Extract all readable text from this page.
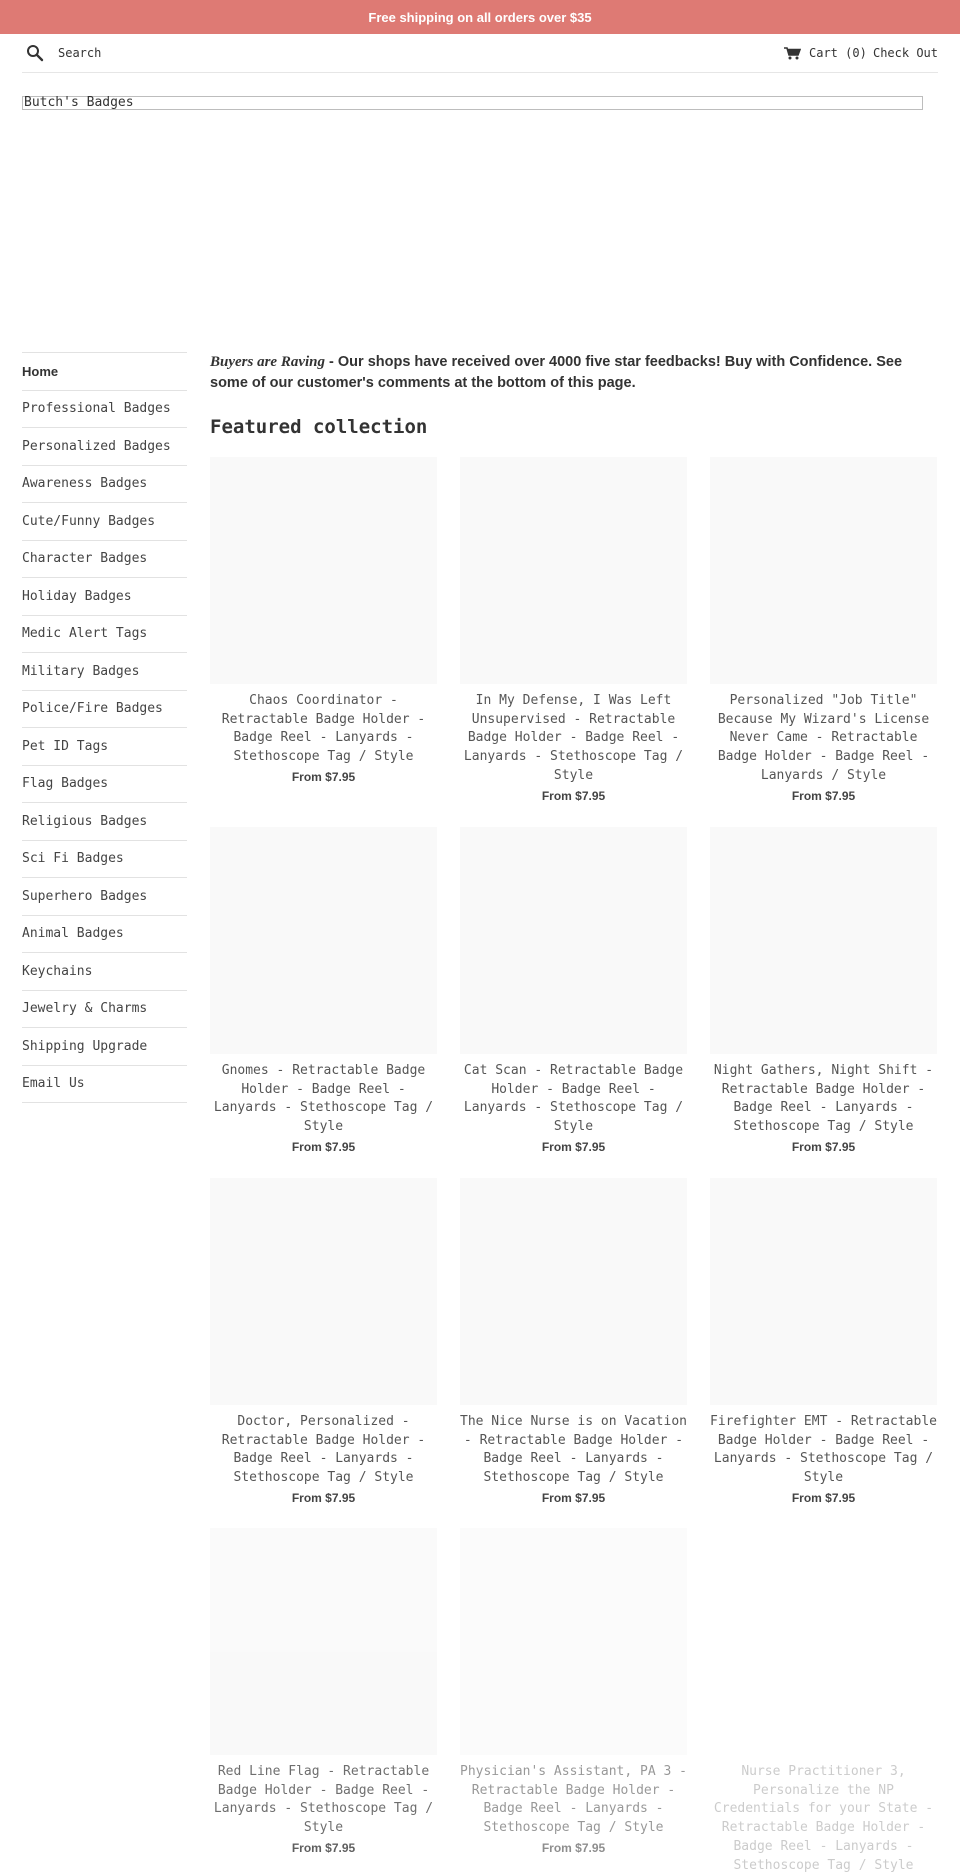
Free shipping on all orders over $35
Search
Cart (0) Check Out
Butch's Badges
Home
Professional Badges
Personalized Badges
Awareness Badges
Cute/Funny Badges
Character Badges
Holiday Badges
Medic Alert Tags
Military Badges
Police/Fire Badges
Pet ID Tags
Flag Badges
Religious Badges
Sci Fi Badges
Superhero Badges
Animal Badges
Keychains
Jewelry & Charms
Shipping Upgrade
Email Us

Buyers are Raving - Our shops have received over 4000 five star feedbacks! Buy with Confidence. See some of our customer's comments at the bottom of this page.

Featured collection
Chaos Coordinator - Retractable Badge Holder - Badge Reel - Lanyards - Stethoscope Tag / Style
From $7.95
In My Defense, I Was Left Unsupervised - Retractable Badge Holder - Badge Reel - Lanyards - Stethoscope Tag / Style
From $7.95
Personalized "Job Title" Because My Wizard's License Never Came - Retractable Badge Holder - Badge Reel - Lanyards / Style
From $7.95
Gnomes - Retractable Badge Holder - Badge Reel - Lanyards - Stethoscope Tag / Style
From $7.95
Cat Scan - Retractable Badge Holder - Badge Reel - Lanyards - Stethoscope Tag / Style
From $7.95
Night Gathers, Night Shift - Retractable Badge Holder - Badge Reel - Lanyards - Stethoscope Tag / Style
From $7.95
Doctor, Personalized - Retractable Badge Holder - Badge Reel - Lanyards - Stethoscope Tag / Style
From $7.95
The Nice Nurse is on Vacation - Retractable Badge Holder - Badge Reel - Lanyards - Stethoscope Tag / Style
From $7.95
Firefighter EMT - Retractable Badge Holder - Badge Reel - Lanyards - Stethoscope Tag / Style
From $7.95
Red Line Flag - Retractable Badge Holder - Badge Reel - Lanyards - Stethoscope Tag / Style
From $7.95
Physician's Assistant, PA 3 - Retractable Badge Holder - Badge Reel - Lanyards - Stethoscope Tag / Style
From $7.95
Nurse Practitioner 3, Personalize the NP Credentials for your State - Retractable Badge Holder - Badge Reel - Lanyards - Stethoscope Tag / Style
